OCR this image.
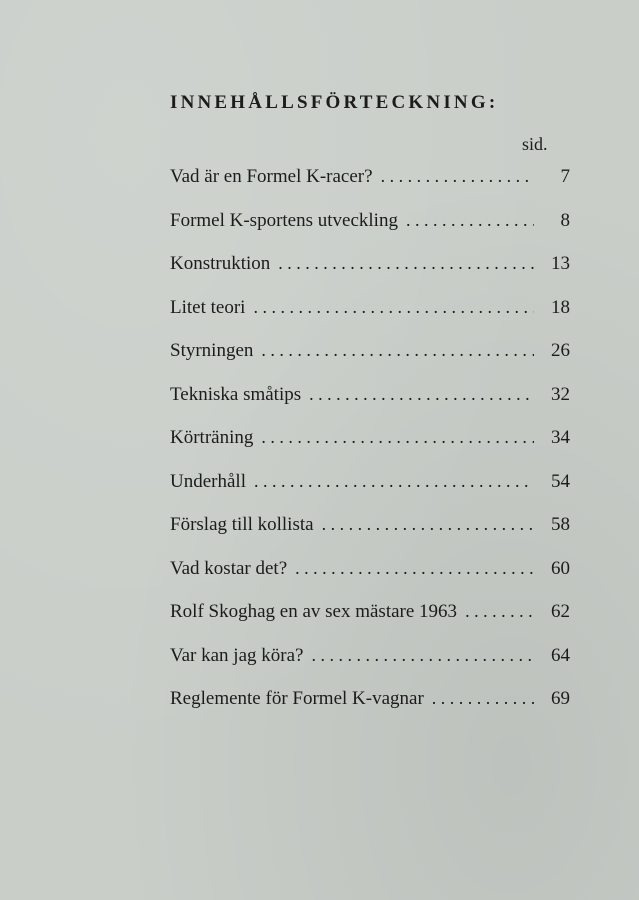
INNEHÅLLSFÖRTECKNING:
sid.
Vad är en Formel K-racer? . . .	7
Formel K-sportens utveckling . . .	8
Konstruktion . . .	13
Litet teori . . .	18
Styrningen . . .	26
Tekniska småtips . . .	32
Körträning . . .	34
Underhåll . . .	54
Förslag till kollista . . .	58
Vad kostar det? . . .	60
Rolf Skoghag en av sex mästare 1963 . . .	62
Var kan jag köra? . . .	64
Reglemente för Formel K-vagnar . . .	69
